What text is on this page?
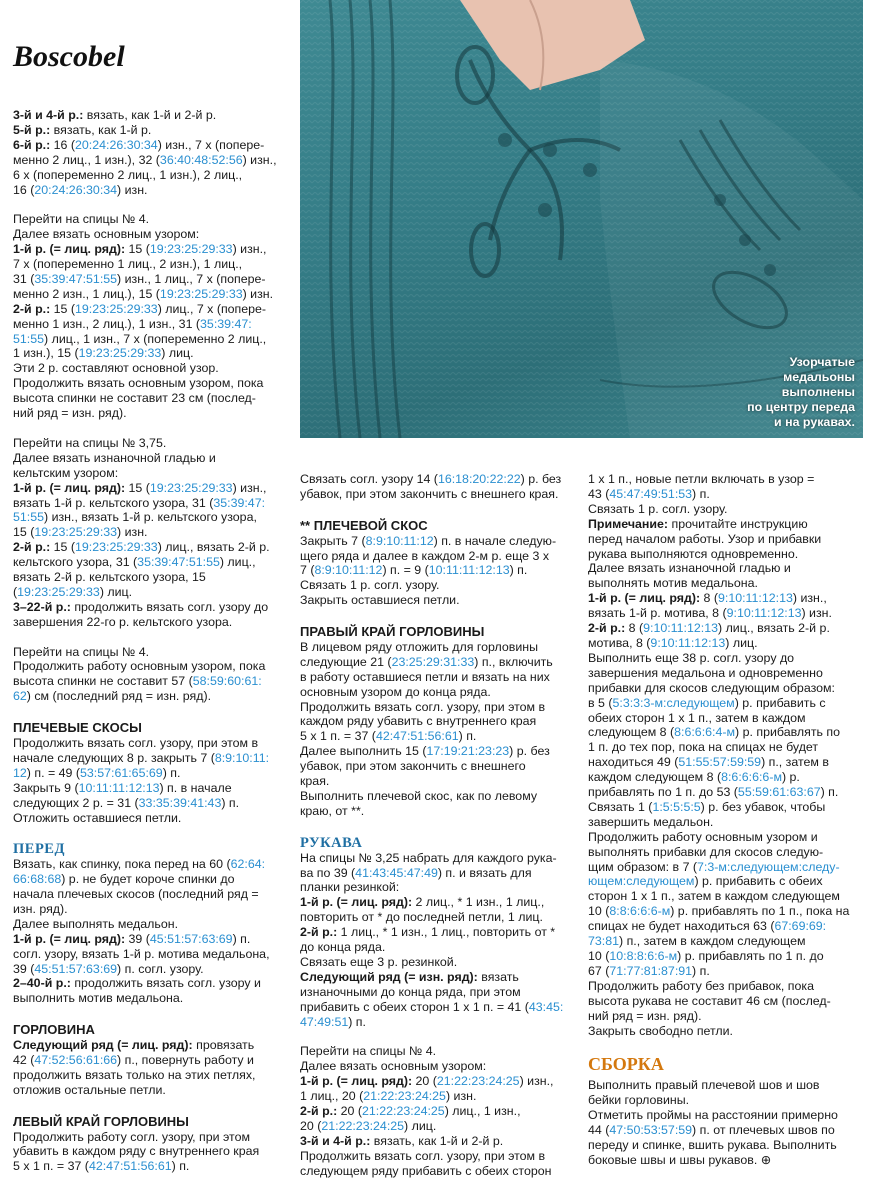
Boscobel
Узорчатые
медальоны
выполнены
по центру переда
и на рукавах.
3-й и 4-й р.: вязать, как 1-й и 2-й р.
5-й р.: вязать, как 1-й р.
6-й р.: 16 (20:24:26:30:34) изн., 7 х (попере-
менно 2 лиц., 1 изн.), 32 (36:40:48:52:56) изн.,
6 х (попеременно 2 лиц., 1 изн.), 2 лиц.,
16 (20:24:26:30:34) изн.
Перейти на спицы № 4.
Далее вязать основным узором:
1-й р. (= лиц. ряд): 15 (19:23:25:29:33) изн.,
7 х (попеременно 1 лиц., 2 изн.), 1 лиц.,
31 (35:39:47:51:55) изн., 1 лиц., 7 х (попере-
менно 2 изн., 1 лиц.), 15 (19:23:25:29:33) изн.
2-й р.: 15 (19:23:25:29:33) лиц., 7 х (попере-
менно 1 изн., 2 лиц.), 1 изн., 31 (35:39:47:
51:55) лиц., 1 изн., 7 х (попеременно 2 лиц.,
1 изн.), 15 (19:23:25:29:33) лиц.
Эти 2 р. составляют основной узор.
Продолжить вязать основным узором, пока
высота спинки не составит 23 см (послед-
ний ряд = изн. ряд).
Перейти на спицы № 3,75.
Далее вязать изнаночной гладью и
кельтским узором:
1-й р. (= лиц. ряд): 15 (19:23:25:29:33) изн.,
вязать 1-й р. кельтского узора, 31 (35:39:47:
51:55) изн., вязать 1-й р. кельтского узора,
15 (19:23:25:29:33) изн.
2-й р.: 15 (19:23:25:29:33) лиц., вязать 2-й р.
кельтского узора, 31 (35:39:47:51:55) лиц.,
вязать 2-й р. кельтского узора, 15
(19:23:25:29:33) лиц.
3–22-й р.: продолжить вязать согл. узору до
завершения 22-го р. кельтского узора.
Перейти на спицы № 4.
Продолжить работу основным узором, пока
высота спинки не составит 57 (58:59:60:61:
62) см (последний ряд = изн. ряд).
ПЛЕЧЕВЫЕ СКОСЫ
Продолжить вязать согл. узору, при этом в
начале следующих 8 р. закрыть 7 (8:9:10:11:
12) п. = 49 (53:57:61:65:69) п.
Закрыть 9 (10:11:11:12:13) п. в начале
следующих 2 р. = 31 (33:35:39:41:43) п.
Отложить оставшиеся петли.
ПЕРЕД
Вязать, как спинку, пока перед на 60 (62:64:
66:68:68) р. не будет короче спинки до
начала плечевых скосов (последний ряд =
изн. ряд).
Далее выполнять медальон.
1-й р. (= лиц. ряд): 39 (45:51:57:63:69) п.
согл. узору, вязать 1-й р. мотива медальона,
39 (45:51:57:63:69) п. согл. узору.
2–40-й р.: продолжить вязать согл. узору и
выполнить мотив медальона.
ГОРЛОВИНА
Следующий ряд (= лиц. ряд): провязать
42 (47:52:56:61:66) п., повернуть работу и
продолжить вязать только на этих петлях,
отложив остальные петли.
ЛЕВЫЙ КРАЙ ГОРЛОВИНЫ
Продолжить работу согл. узору, при этом
убавить в каждом ряду с внутреннего края
5 х 1 п. = 37 (42:47:51:56:61) п.
Связать согл. узору 14 (16:18:20:22:22) р. без
убавок, при этом закончить с внешнего края.
** ПЛЕЧЕВОЙ СКОС
Закрыть 7 (8:9:10:11:12) п. в начале следую-
щего ряда и далее в каждом 2-м р. еще 3 х
7 (8:9:10:11:12) п. = 9 (10:11:11:12:13) п.
Связать 1 р. согл. узору.
Закрыть оставшиеся петли.
ПРАВЫЙ КРАЙ ГОРЛОВИНЫ
В лицевом ряду отложить для горловины
следующие 21 (23:25:29:31:33) п., включить
в работу оставшиеся петли и вязать на них
основным узором до конца ряда.
Продолжить вязать согл. узору, при этом в
каждом ряду убавить с внутреннего края
5 х 1 п. = 37 (42:47:51:56:61) п.
Далее выполнить 15 (17:19:21:23:23) р. без
убавок, при этом закончить с внешнего
края.
Выполнить плечевой скос, как по левому
краю, от **.
РУКАВА
На спицы № 3,25 набрать для каждого рука-
ва по 39 (41:43:45:47:49) п. и вязать для
планки резинкой:
1-й р. (= лиц. ряд): 2 лиц., * 1 изн., 1 лиц.,
повторить от * до последней петли, 1 лиц.
2-й р.: 1 лиц., * 1 изн., 1 лиц., повторить от *
до конца ряда.
Связать еще 3 р. резинкой.
Следующий ряд (= изн. ряд): вязать
изнаночными до конца ряда, при этом
прибавить с обеих сторон 1 х 1 п. = 41 (43:45:
47:49:51) п.
Перейти на спицы № 4.
Далее вязать основным узором:
1-й р. (= лиц. ряд): 20 (21:22:23:24:25) изн.,
1 лиц., 20 (21:22:23:24:25) изн.
2-й р.: 20 (21:22:23:24:25) лиц., 1 изн.,
20 (21:22:23:24:25) лиц.
3-й и 4-й р.: вязать, как 1-й и 2-й р.
Продолжить вязать согл. узору, при этом в
следующем ряду прибавить с обеих сторон
1 х 1 п., новые петли включать в узор =
43 (45:47:49:51:53) п.
Связать 1 р. согл. узору.
Примечание: прочитайте инструкцию
перед началом работы. Узор и прибавки
рукава выполняются одновременно.
Далее вязать изнаночной гладью и
выполнять мотив медальона.
1-й р. (= лиц. ряд): 8 (9:10:11:12:13) изн.,
вязать 1-й р. мотива, 8 (9:10:11:12:13) изн.
2-й р.: 8 (9:10:11:12:13) лиц., вязать 2-й р.
мотива, 8 (9:10:11:12:13) лиц.
Выполнить еще 38 р. согл. узору до
завершения медальона и одновременно
прибавки для скосов следующим образом:
в 5 (5:3:3:3-м:следующем) р. прибавить с
обеих сторон 1 х 1 п., затем в каждом
следующем 8 (8:6:6:6:4-м) р. прибавлять по
1 п. до тех пор, пока на спицах не будет
находиться 49 (51:55:57:59:59) п., затем в
каждом следующем 8 (8:6:6:6:6-м) р.
прибавлять по 1 п. до 53 (55:59:61:63:67) п.
Связать 1 (1:5:5:5:5) р. без убавок, чтобы
завершить медальон.
Продолжить работу основным узором и
выполнять прибавки для скосов следую-
щим образом: в 7 (7:3-м:следующем:следу-
ющем:следующем) р. прибавить с обеих
сторон 1 х 1 п., затем в каждом следующем
10 (8:8:6:6:6-м) р. прибавлять по 1 п., пока на
спицах не будет находиться 63 (67:69:69:
73:81) п., затем в каждом следующем
10 (10:8:8:6:6-м) р. прибавлять по 1 п. до
67 (71:77:81:87:91) п.
Продолжить работу без прибавок, пока
высота рукава не составит 46 см (послед-
ний ряд = изн. ряд).
Закрыть свободно петли.
СБОРКА
Выполнить правый плечевой шов и шов
бейки горловины.
Отметить проймы на расстоянии примерно
44 (47:50:53:57:59) п. от плечевых швов по
переду и спинке, вшить рукава. Выполнить
боковые швы и швы рукавов. ⊕
